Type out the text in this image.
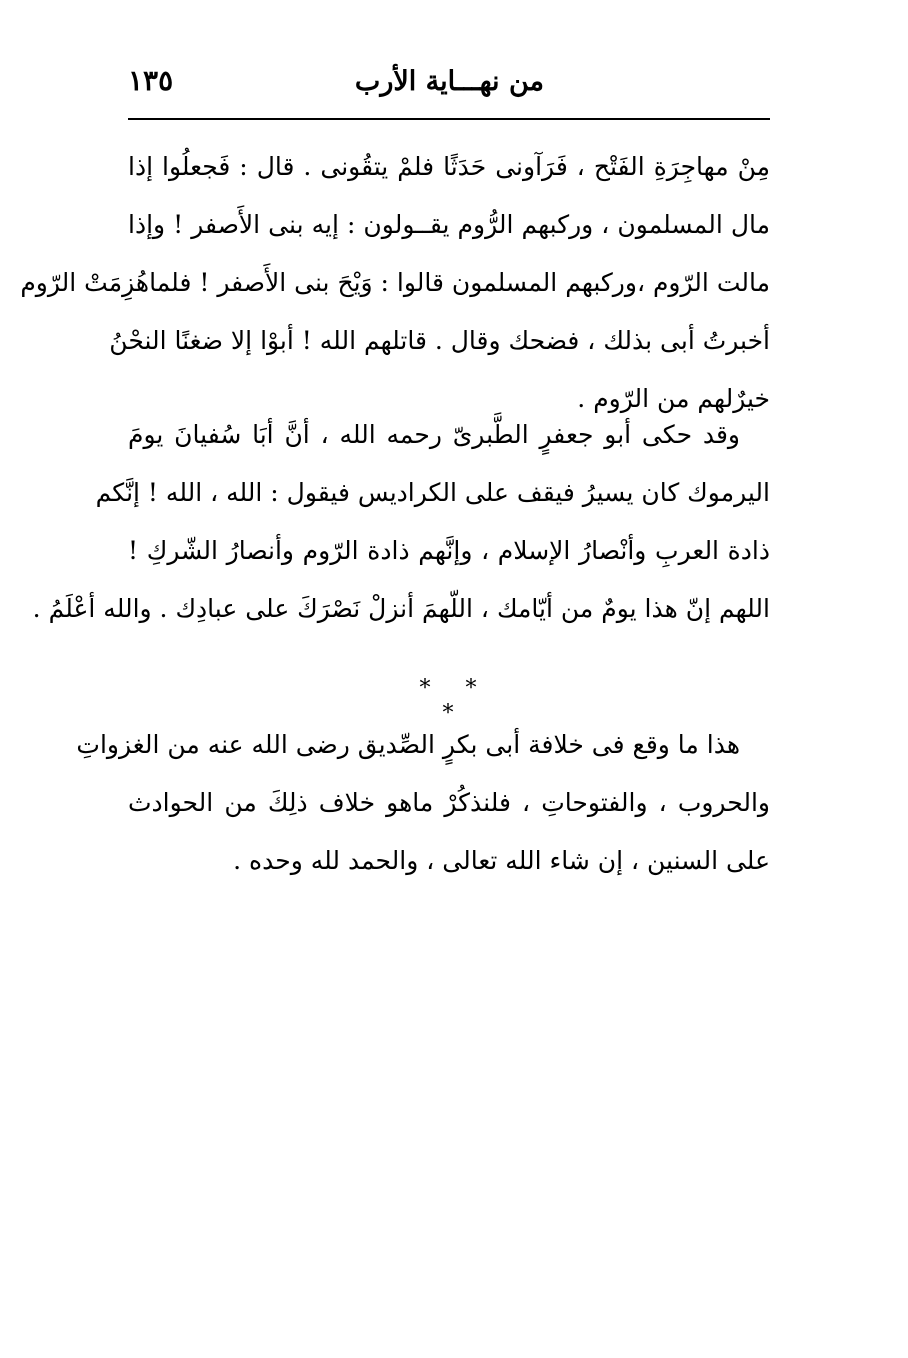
من نهـــاية الأرب
١٣٥
مِنْ مهاجِرَةِ الفَتْح ، فَرَآونى حَدَثًا فلمْ يتقُونى . قال : فَجعلُوا إذا
مال المسلمون ، وركبهم الرُّوم يقــولون : إيه بنى الأَصفر ! وإذا
مالت الرّوم ،ورکبهم المسلمون قالوا : وَيْحَ بنى الأَصفر ! فلماهُزِمَتْ الرّوم
أخبرتُ أبى بذلك ، فضحك وقال . قاتلهم الله ! أبوْا إلا ضغنًا النحْنُ
خيرٌلهم من الرّوم .
وقد حكى أبو جعفرٍ الطَّبرىّ رحمه الله ، أنَّ أبَا سُفيانَ يومَ
اليرموك كان يسيرُ فيقف على الكراديس فيقول : الله ، الله ! إنَّكم
ذادة العربِ وأنْصارُ الإسلام ، وإنَّهم ذادة الرّوم وأنصارُ الشّركِ !
اللهم إنّ هذا يومٌ من أيّامك ، اللّهمَ أنزلْ نَصْرَكَ على عبادِك . والله أعْلَمُ .
* * *
هذا ما وقع فى خلافة أبى بكرٍ الصِّديق رضى الله عنه من الغزواتِ
والحروب ، والفتوحاتِ ، فلنذكُرْ ماهو خلاف ذلِكَ من الحوادث
على السنين ، إن شاء الله تعالى ، والحمد لله وحده .
